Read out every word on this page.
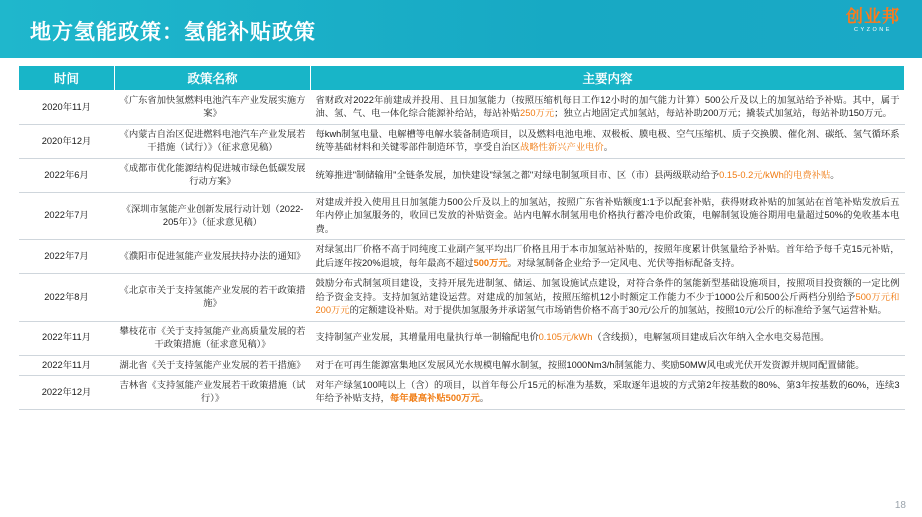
地方氢能政策：氢能补贴政策
创业邦
CYZONE
时间	政策名称	主要内容
2020年11月	《广东省加快氢燃料电池汽车产业发展实施方案》	省财政对2022年前建成并投用、且日加氢能力（按照压缩机每日工作12小时的加气能力计算）500公斤及以上的加氢站给予补贴。其中，属于油、氢、气、电一体化综合能源补给站，每站补贴250万元；独立占地固定式加氢站，每站补助200万元；撬装式加氢站，每站补助150万元。
2020年12月	《内蒙古自治区促进燃料电池汽车产业发展若干措施（试行）》（征求意见稿）	每kwh制氢电量、电解槽等电解水装备制造项目，以及燃料电池电堆、双极板、膜电极、空气压缩机、质子交换膜、催化剂、碳纸、氢气循环系统等基础材料和关键零部件制造环节，享受自治区战略性新兴产业电价。
2022年6月	《成都市优化能源结构促进城市绿色低碳发展行动方案》	统筹推进"制储输用"全链条发展，加快建设"绿氢之都"对绿电制氢项目市、区（市）县两级联动给予0.15-0.2元/kWh的电费补贴。
2022年7月	《深圳市氢能产业创新发展行动计划（2022-205年）》（征求意见稿）	对建成并投入使用且日加氢能力500公斤及以上的加氢站，按照广东省补贴额度1:1予以配套补贴，获得财政补贴的加氢站在首笔补贴发放后五年内停止加氢服务的，收回已发放的补贴资金。站内电解水制氢用电价格执行蓄冷电价政策，电解制氢设施谷期用电量超过50%的免收基本电费。
2022年7月	《濮阳市促进氢能产业发展扶持办法的通知》	对绿氢出厂价格不高于同纯度工业副产氢平均出厂价格且用于本市加氢站补贴的，按照年度累计供氢量给予补贴。首年给予每千克15元补贴，此后逐年按20%退坡，每年最高不超过500万元。对绿氢制备企业给予一定风电、光伏等指标配备支持。
2022年8月	《北京市关于支持氢能产业发展的若干政策措施》	鼓励分布式制氢项目建设，支持开展先进制氢、储运、加氢设施试点建设，对符合条件的氢能新型基础设施项目，按照项目投资额的一定比例给予资金支持。支持加氢站建设运营。对建成的加氢站，按照压缩机12小时额定工作能力不少于1000公斤和500公斤两档分别给予500万元和200万元的定额建设补贴。对于提供加氢服务并承诺氢气市场销售价格不高于30元/公斤的加氢站，按照10元/公斤的标准给予氢气运营补贴。
2022年11月	攀枝花市《关于支持氢能产业高质量发展的若干政策措施（征求意见稿）》	支持制氢产业发展，其增量用电量执行单一制输配电价0.105元/kWh（含线损），电解氢项目建成后次年纳入全水电交易范围。
2022年11月	湖北省《关于支持氢能产业发展的若干措施》	对于在可再生能源富集地区发展风光水规模电解水制氢，按照1000Nm3/h制氢能力、奖励50MW风电或光伏开发资源并规同配置储能。
2022年12月	吉林省《支持氢能产业发展若干政策措施（试行）》	对年产绿氢100吨以上（含）的项目，以首年每公斤15元的标准为基数，采取逐年退坡的方式第2年按基数的80%、第3年按基数的60%，连续3年给予补贴支持，每年最高补贴500万元。
18
